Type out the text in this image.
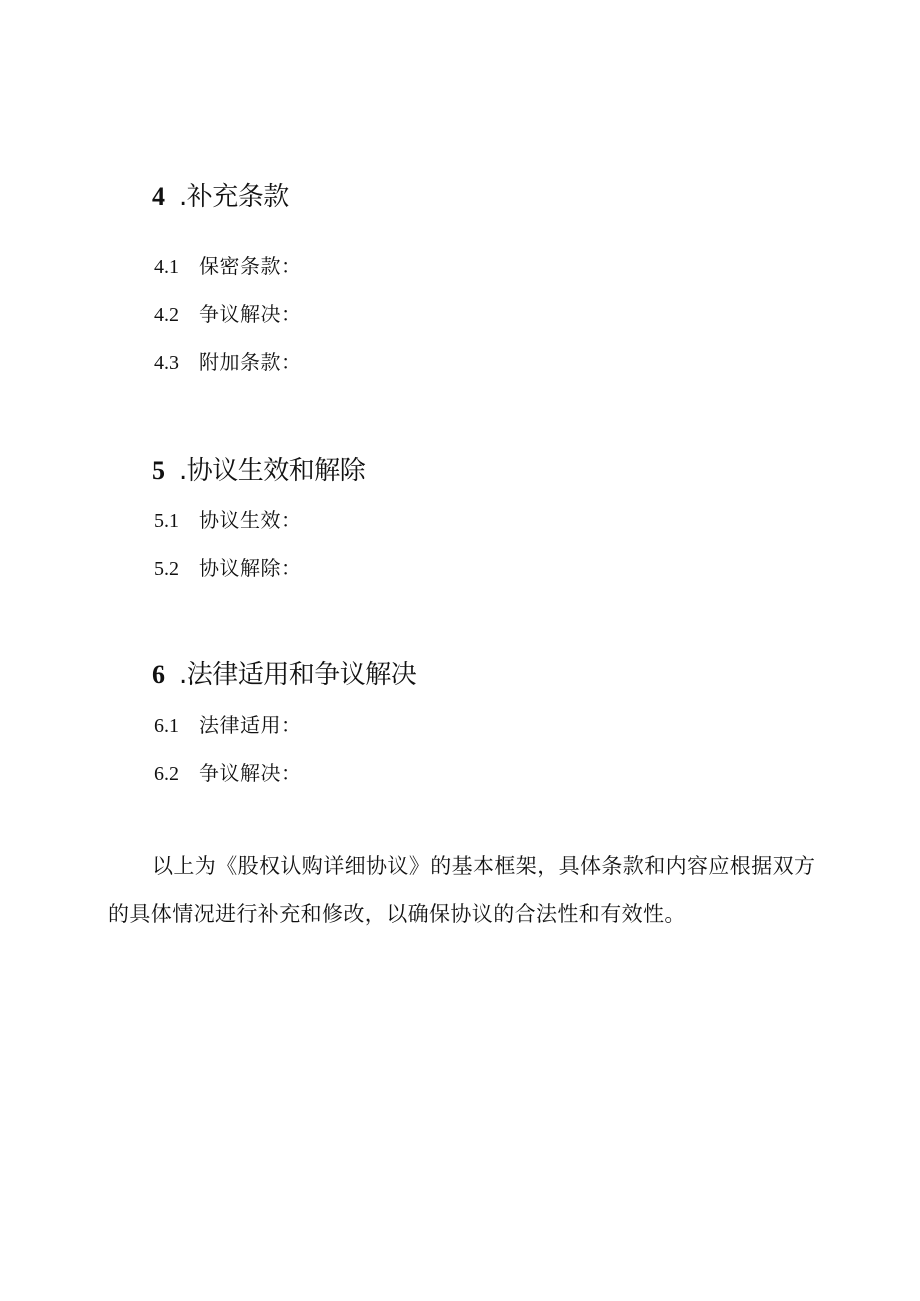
4 .补充条款
4.1	保密条款：
4.2	争议解决：
4.3	附加条款：
5 .协议生效和解除
5.1	协议生效：
5.2	协议解除：
6 .法律适用和争议解决
6.1	法律适用：
6.2	争议解决：

以上为《股权认购详细协议》的基本框架，具体条款和内容应根据双方的具体情况进行补充和修改，以确保协议的合法性和有效性。
